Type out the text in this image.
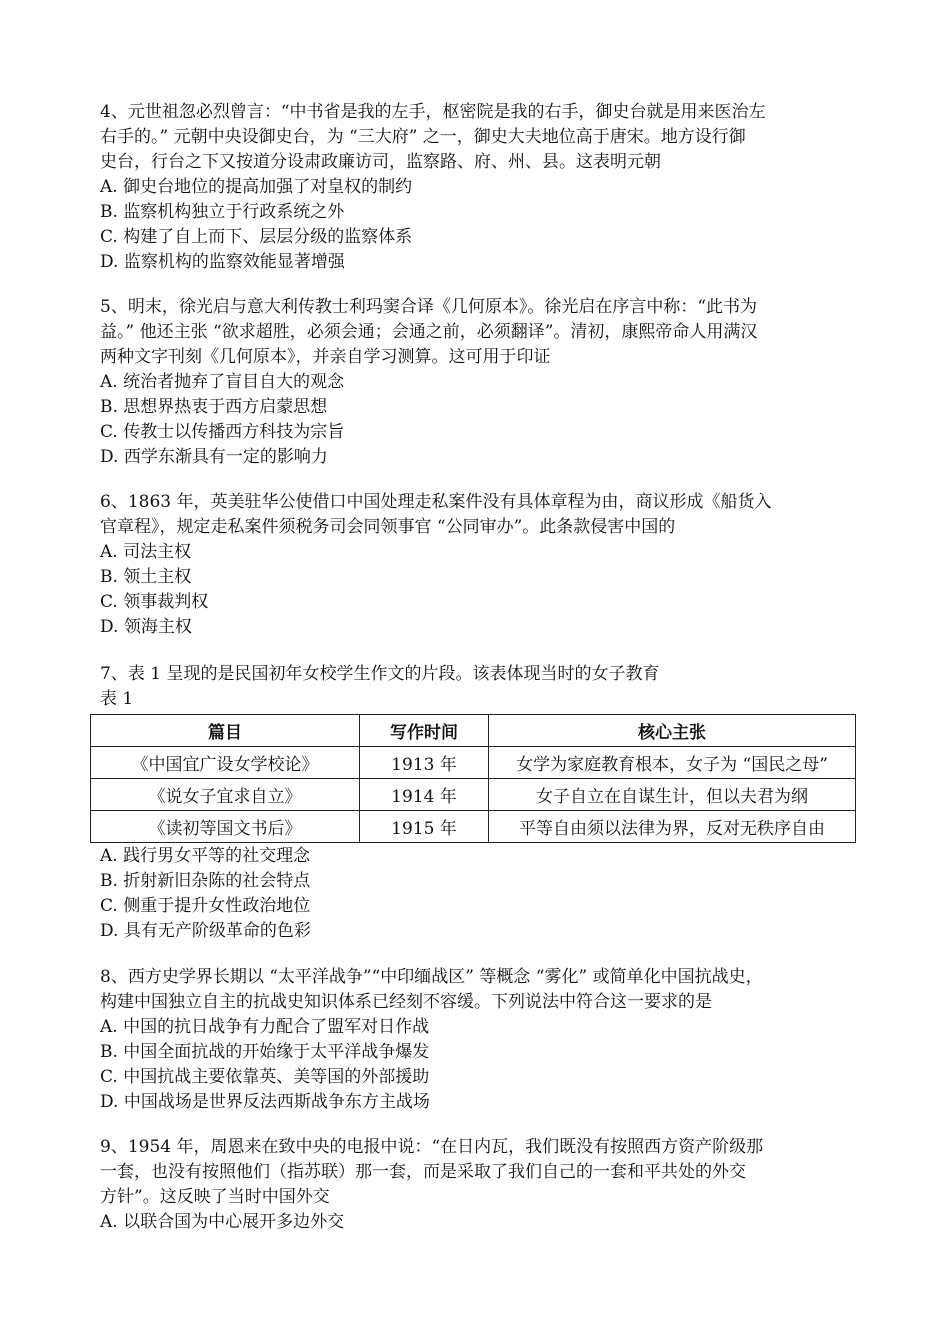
4、元世祖忽必烈曾言：“中书省是我的左手，枢密院是我的右手，御史台就是用来医治左
右手的。” 元朝中央设御史台，为 “三大府” 之一，御史大夫地位高于唐宋。地方设行御
史台，行台之下又按道分设肃政廉访司，监察路、府、州、县。这表明元朝
A. 御史台地位的提高加强了对皇权的制约
B. 监察机构独立于行政系统之外
C. 构建了自上而下、层层分级的监察体系
D. 监察机构的监察效能显著增强
5、明末，徐光启与意大利传教士利玛窦合译《几何原本》。徐光启在序言中称：“此书为
益。” 他还主张 “欲求超胜，必须会通；会通之前，必须翻译”。清初，康熙帝命人用满汉
两种文字刊刻《几何原本》，并亲自学习测算。这可用于印证
A. 统治者抛弃了盲目自大的观念
B. 思想界热衷于西方启蒙思想
C. 传教士以传播西方科技为宗旨
D. 西学东渐具有一定的影响力
6、1863 年，英美驻华公使借口中国处理走私案件没有具体章程为由，商议形成《船货入
官章程》，规定走私案件须税务司会同领事官 “公同审办”。此条款侵害中国的
A. 司法主权
B. 领土主权
C. 领事裁判权
D. 领海主权
7、表 1 呈现的是民国初年女校学生作文的片段。该表体现当时的女子教育
表 1
篇目	写作时间	核心主张
《中国宜广设女学校论》	1913 年	女学为家庭教育根本，女子为 “国民之母”
《说女子宜求自立》	1914 年	女子自立在自谋生计，但以夫君为纲
《读初等国文书后》	1915 年	平等自由须以法律为界，反对无秩序自由
A. 践行男女平等的社交理念
B. 折射新旧杂陈的社会特点
C. 侧重于提升女性政治地位
D. 具有无产阶级革命的色彩
8、西方史学界长期以 “太平洋战争”“中印缅战区” 等概念 “雾化” 或简单化中国抗战史，
构建中国独立自主的抗战史知识体系已经刻不容缓。下列说法中符合这一要求的是
A. 中国的抗日战争有力配合了盟军对日作战
B. 中国全面抗战的开始缘于太平洋战争爆发
C. 中国抗战主要依靠英、美等国的外部援助
D. 中国战场是世界反法西斯战争东方主战场
9、1954 年，周恩来在致中央的电报中说：“在日内瓦，我们既没有按照西方资产阶级那
一套，也没有按照他们（指苏联）那一套，而是采取了我们自己的一套和平共处的外交
方针”。这反映了当时中国外交
A. 以联合国为中心展开多边外交
